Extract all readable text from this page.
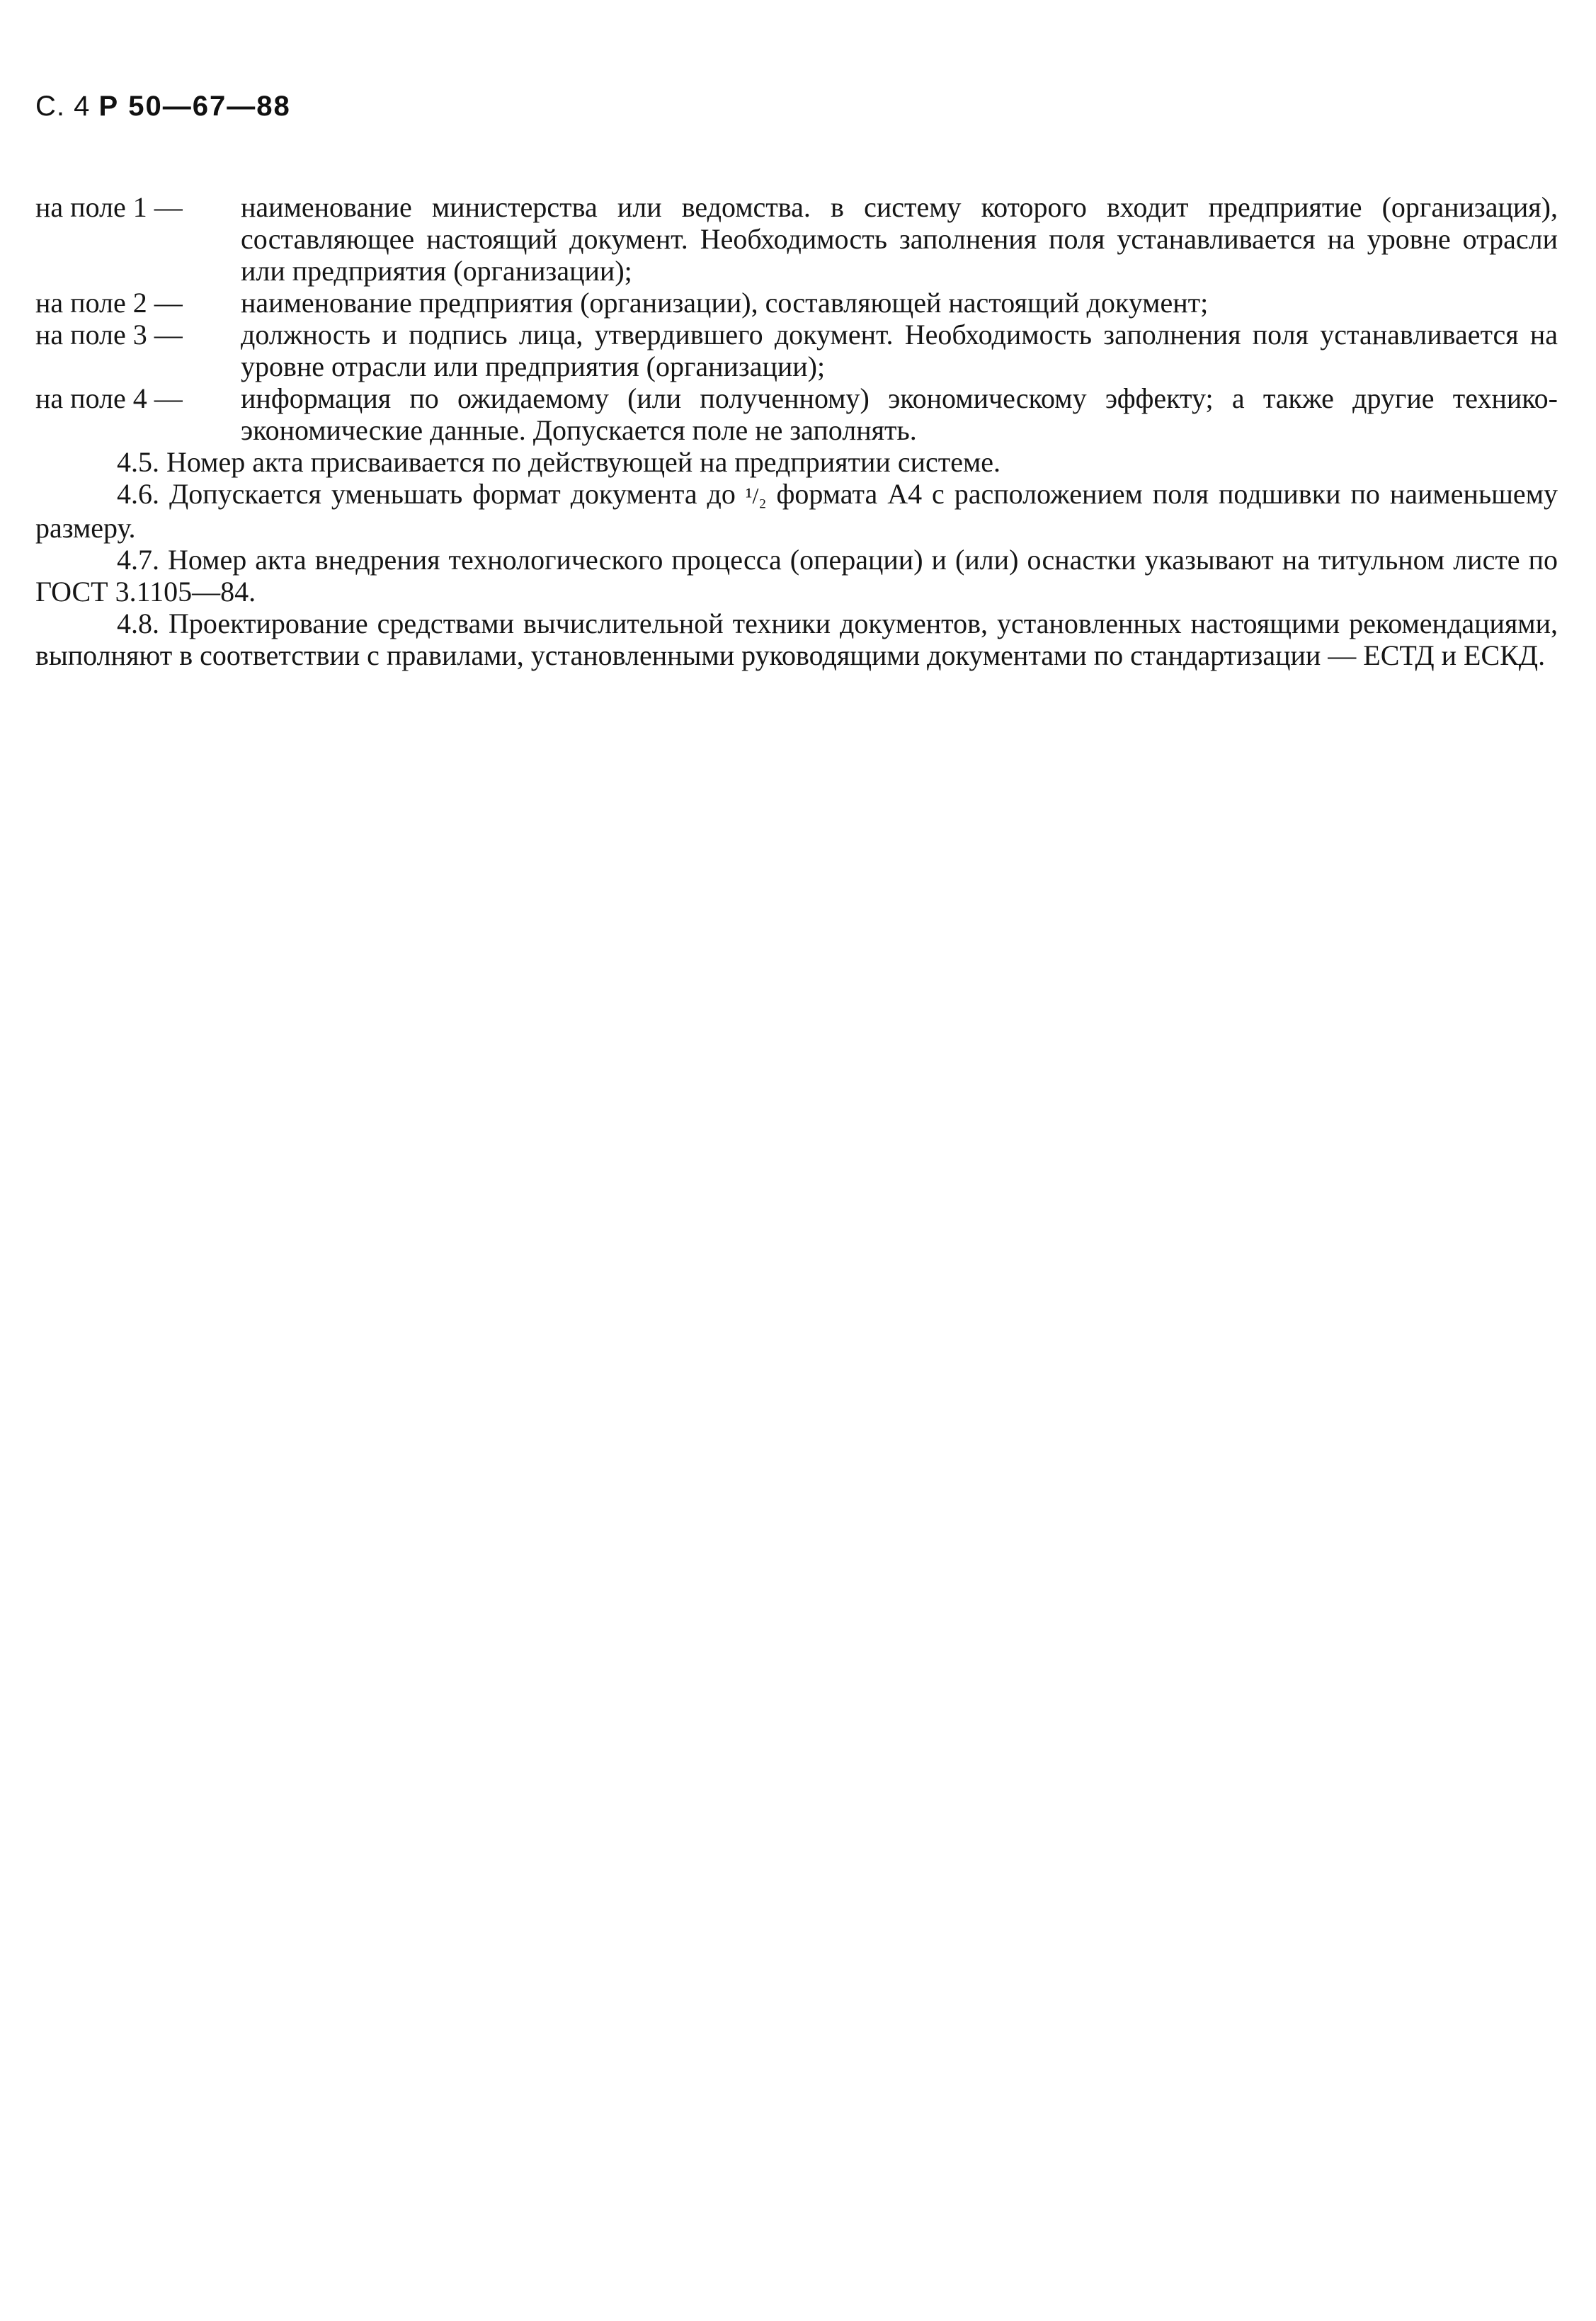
С. 4 Р 50—67—88
на поле 1 —	наименование министерства или ведомства. в систему которого входит предприятие (организация), составляющее настоящий документ. Необходимость заполнения поля устанавливается на уровне отрасли или предприятия (организации);
на поле 2 —	наименование предприятия (организации), составляющей настоящий документ;
на поле 3 —	должность и подпись лица, утвердившего документ. Необходимость заполнения поля устанавливается на уровне отрасли или предприятия (организации);
на поле 4 —	информация по ожидаемому (или полученному) экономическому эффекту; а также другие технико-экономические данные. Допускается поле не заполнять.

4.5. Номер акта присваивается по действующей на предприятии системе.

4.6. Допускается уменьшать формат документа до ¹/₂ формата А4 с расположением поля подшивки по наименьшему размеру.

4.7. Номер акта внедрения технологического процесса (операции) и (или) оснастки указывают на титульном листе по ГОСТ 3.1105—84.

4.8. Проектирование средствами вычислительной техники документов, установленных настоящими рекомендациями, выполняют в соответствии с правилами, установленными руководящими документами по стандартизации — ЕСТД и ЕСКД.
